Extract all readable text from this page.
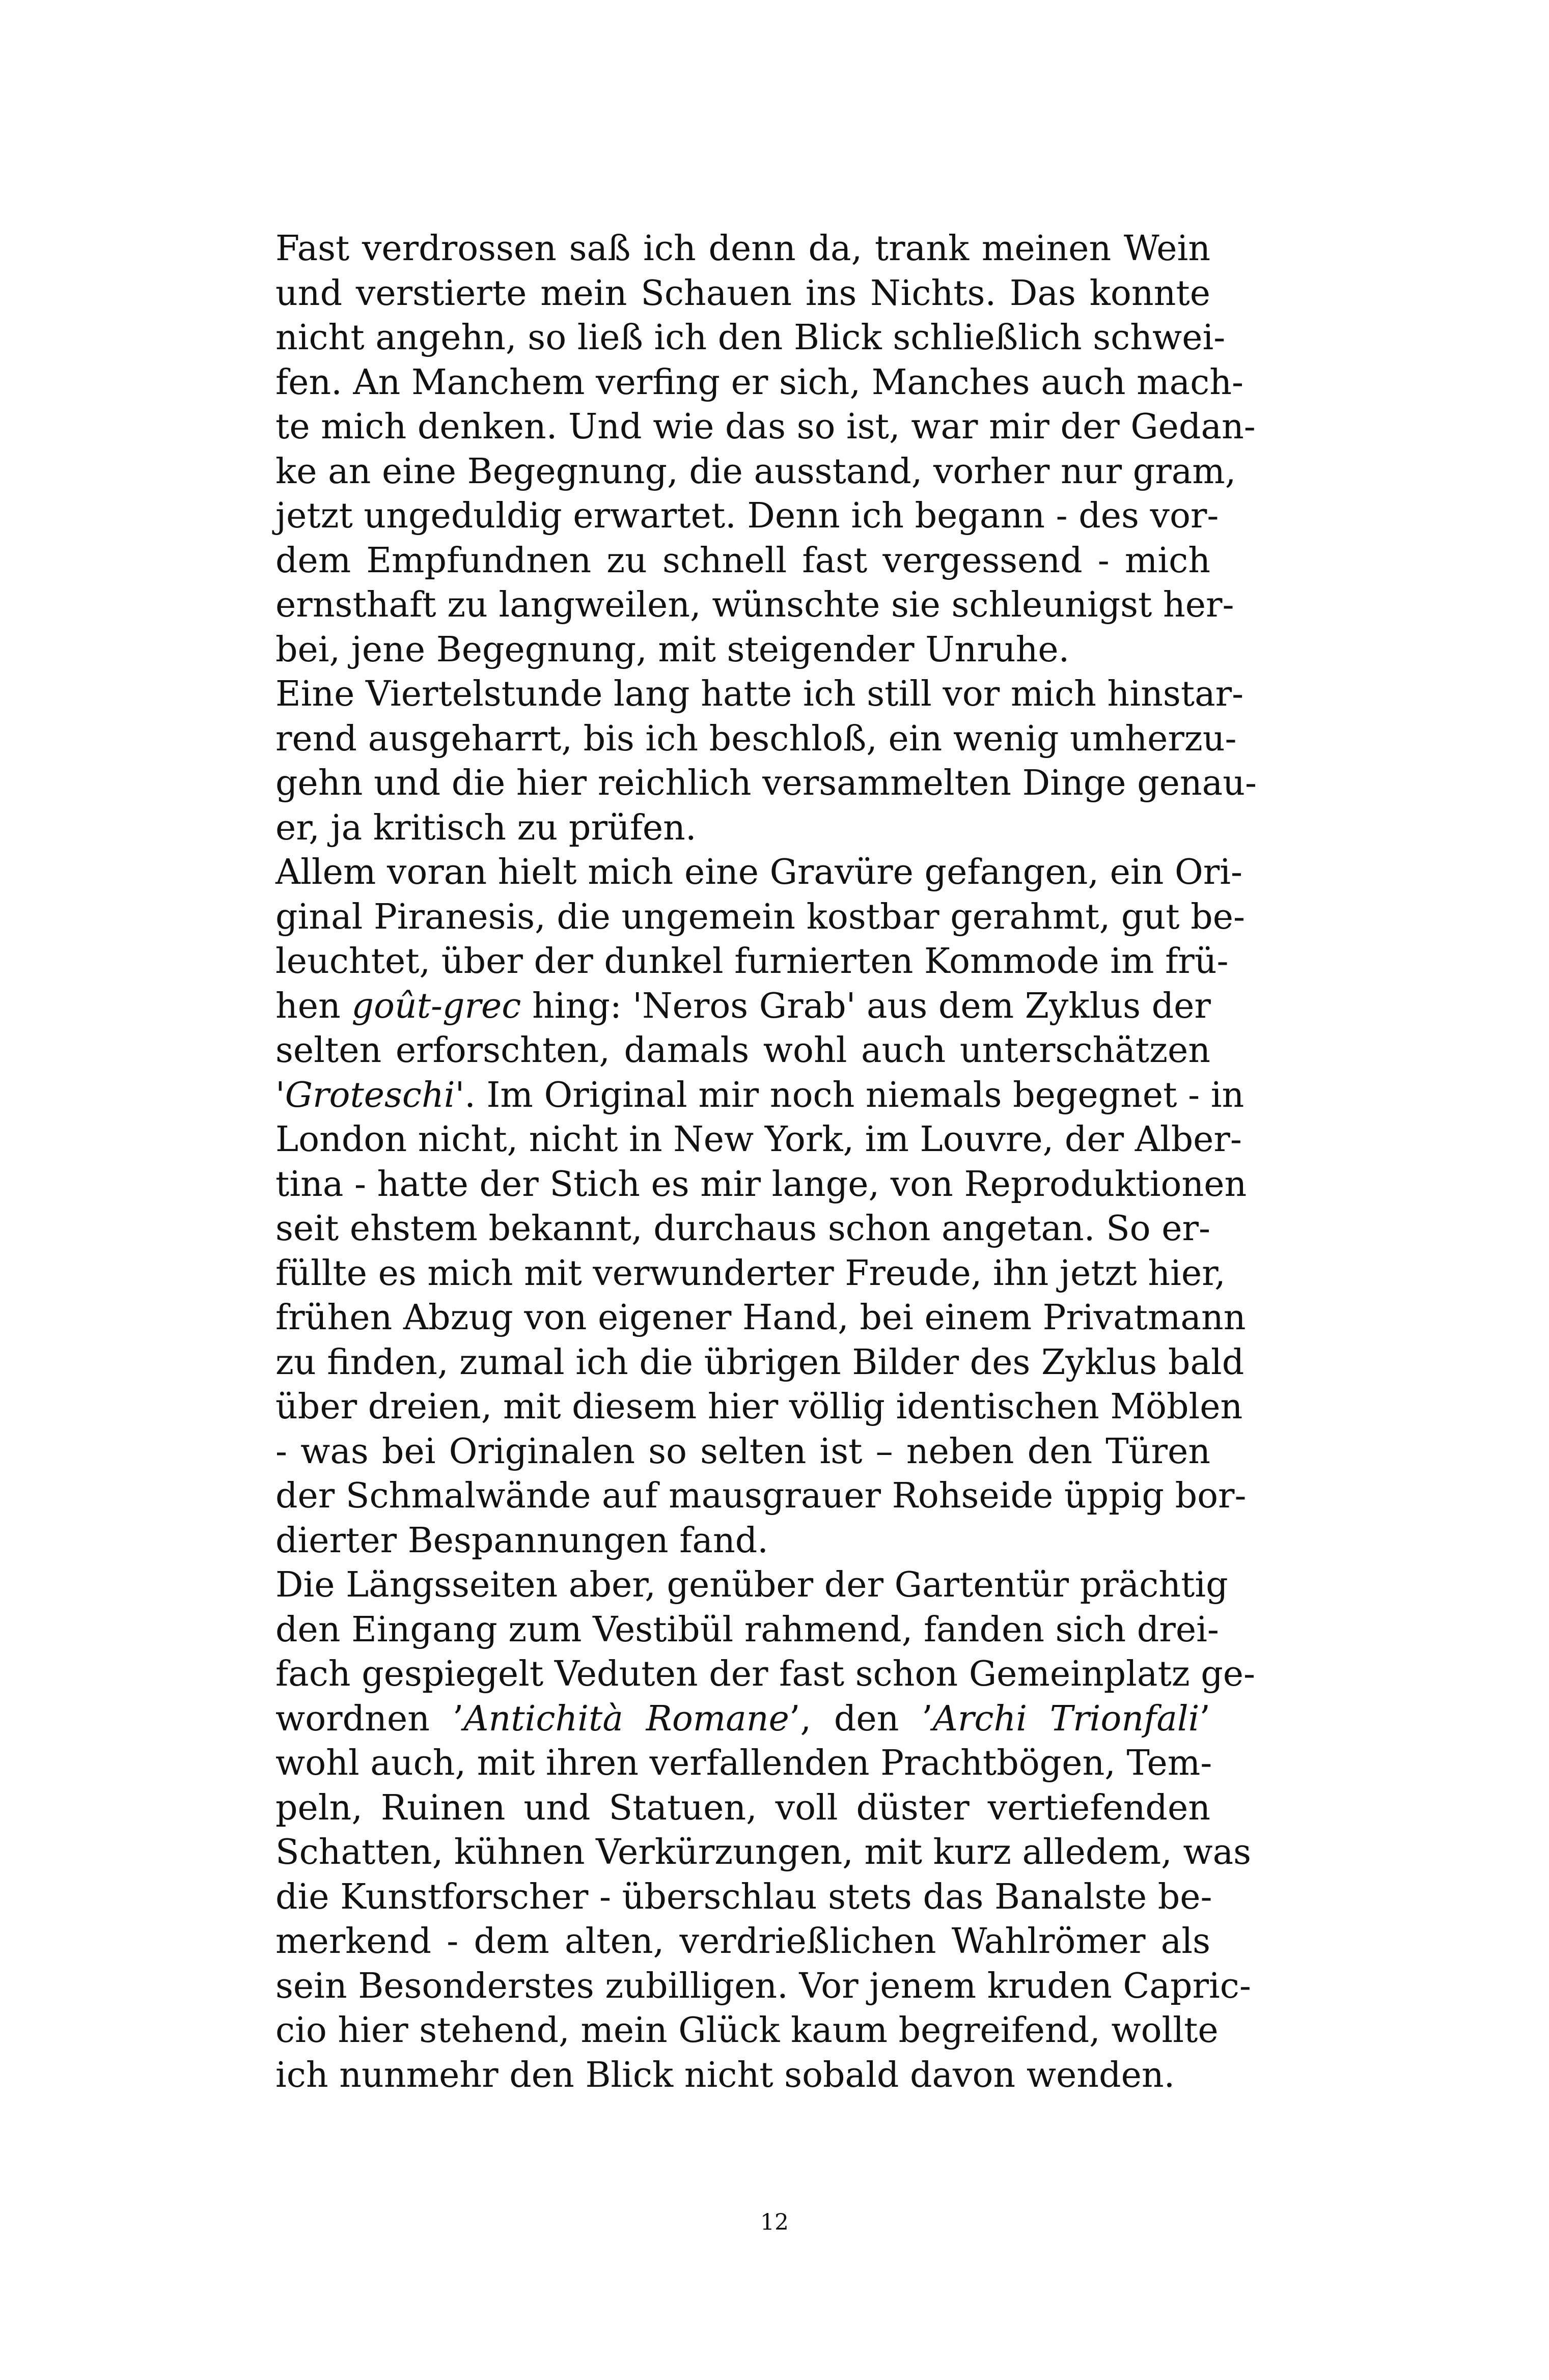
Fast verdrossen saß ich denn da, trank meinen Wein
und verstierte mein Schauen ins Nichts. Das konnte
nicht angehn, so ließ ich den Blick schließlich schwei-
fen. An Manchem verfing er sich, Manches auch mach-
te mich denken. Und wie das so ist, war mir der Gedan-
ke an eine Begegnung, die ausstand, vorher nur gram,
jetzt ungeduldig erwartet. Denn ich begann - des vor-
dem Empfundnen zu schnell fast vergessend - mich
ernsthaft zu langweilen, wünschte sie schleunigst her-
bei, jene Begegnung, mit steigender Unruhe.
Eine Viertelstunde lang hatte ich still vor mich hinstar-
rend ausgeharrt, bis ich beschloß, ein wenig umherzu-
gehn und die hier reichlich versammelten Dinge genau-
er, ja kritisch zu prüfen.
Allem voran hielt mich eine Gravüre gefangen, ein Ori-
ginal Piranesis, die ungemein kostbar gerahmt, gut be-
leuchtet, über der dunkel furnierten Kommode im frü-
hen goût-grec hing: 'Neros Grab' aus dem Zyklus der
selten erforschten, damals wohl auch unterschätzen
'Groteschi'. Im Original mir noch niemals begegnet - in
London nicht, nicht in New York, im Louvre, der Alber-
tina - hatte der Stich es mir lange, von Reproduktionen
seit ehstem bekannt, durchaus schon angetan. So er-
füllte es mich mit verwunderter Freude, ihn jetzt hier,
frühen Abzug von eigener Hand, bei einem Privatmann
zu finden, zumal ich die übrigen Bilder des Zyklus bald
über dreien, mit diesem hier völlig identischen Möblen
- was bei Originalen so selten ist – neben den Türen
der Schmalwände auf mausgrauer Rohseide üppig bor-
dierter Bespannungen fand.
Die Längsseiten aber, genüber der Gartentür prächtig
den Eingang zum Vestibül rahmend, fanden sich drei-
fach gespiegelt Veduten der fast schon Gemeinplatz ge-
wordnen ’Antichità Romane’, den ’Archi Trionfali’
wohl auch, mit ihren verfallenden Prachtbögen, Tem-
peln, Ruinen und Statuen, voll düster vertiefenden
Schatten, kühnen Verkürzungen, mit kurz alledem, was
die Kunstforscher - überschlau stets das Banalste be-
merkend - dem alten, verdrießlichen Wahlrömer als
sein Besonderstes zubilligen. Vor jenem kruden Capric-
cio hier stehend, mein Glück kaum begreifend, wollte
ich nunmehr den Blick nicht sobald davon wenden.
12
